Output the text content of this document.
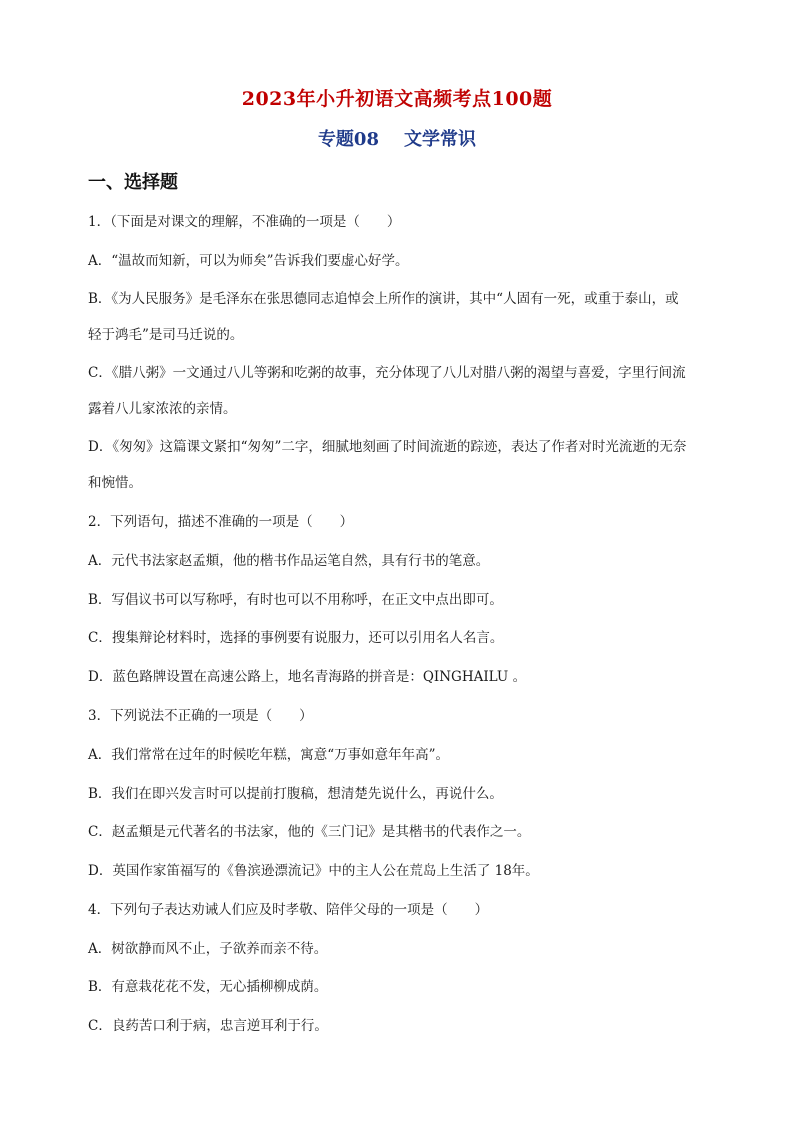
2023年小升初语文高频考点100题
专题08    文学常识
一、选择题
1．（下面是对课文的理解，不准确的一项是（　　）
A．“温故而知新，可以为师矣”告诉我们要虚心好学。
B．《为人民服务》是毛泽东在张思德同志追悼会上所作的演讲，其中“人固有一死，或重于泰山，或
轻于鸿毛”是司马迁说的。
C．《腊八粥》一文通过八儿等粥和吃粥的故事，充分体现了八儿对腊八粥的渴望与喜爱，字里行间流
露着八儿家浓浓的亲情。
D．《匆匆》这篇课文紧扣“匆匆”二字，细腻地刻画了时间流逝的踪迹，表达了作者对时光流逝的无奈
和惋惜。
2．下列语句，描述不准确的一项是（　　）
A．元代书法家赵孟頫，他的楷书作品运笔自然，具有行书的笔意。
B．写倡议书可以写称呼，有时也可以不用称呼，在正文中点出即可。
C．搜集辩论材料时，选择的事例要有说服力，还可以引用名人名言。
D．蓝色路牌设置在高速公路上，地名青海路的拼音是：QINGHAILU 。
3．下列说法不正确的一项是（　　）
A．我们常常在过年的时候吃年糕，寓意“万事如意年年高”。
B．我们在即兴发言时可以提前打腹稿，想清楚先说什么，再说什么。
C．赵孟頫是元代著名的书法家，他的《三门记》是其楷书的代表作之一。
D．英国作家笛福写的《鲁滨逊漂流记》中的主人公在荒岛上生活了 18年。
4．下列句子表达劝诫人们应及时孝敬、陪伴父母的一项是（　　）
A．树欲静而风不止，子欲养而亲不待。
B．有意栽花花不发，无心插柳柳成荫。
C．良药苦口利于病，忠言逆耳利于行。
